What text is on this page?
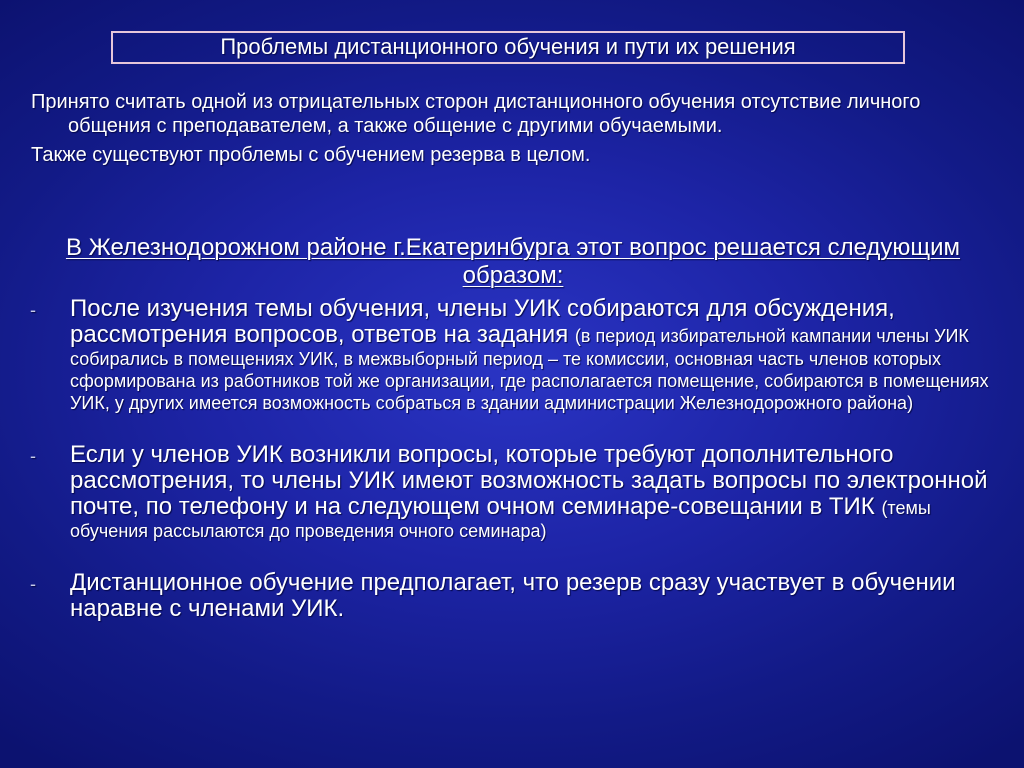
Проблемы дистанционного обучения и пути их решения

Принято считать одной из отрицательных сторон дистанционного обучения отсутствие личного общения с преподавателем, а также общение с другими обучаемыми.

Также существуют проблемы с обучением резерва в целом.

В Железнодорожном районе г.Екатеринбурга этот вопрос решается следующим образом:
- После изучения темы обучения, члены УИК собираются для обсуждения, рассмотрения вопросов, ответов на задания (в период избирательной кампании члены УИК собирались в помещениях УИК, в межвыборный период – те комиссии, основная часть членов которых сформирована из работников той же организации, где располагается помещение, собираются в помещениях УИК, у других имеется возможность собраться в здании администрации Железнодорожного района)
- Если у членов УИК возникли вопросы, которые требуют дополнительного рассмотрения, то члены УИК имеют возможность задать вопросы по электронной почте, по телефону и на следующем очном семинаре-совещании в ТИК (темы обучения рассылаются до проведения очного семинара)
- Дистанционное обучение предполагает, что резерв сразу участвует в обучении наравне с членами УИК.
